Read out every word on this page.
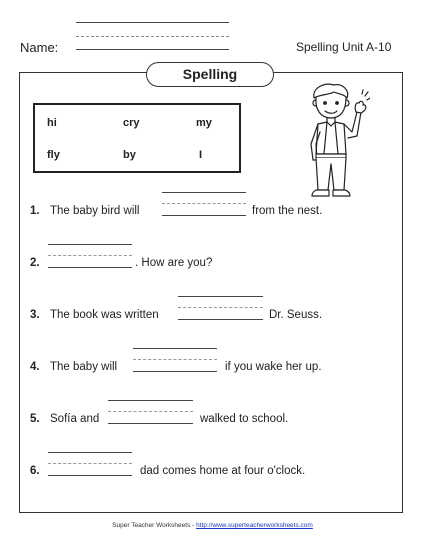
Name:	Spelling Unit A-10
Spelling
hi	cry	my
fly	by	I
1. The baby bird will	from the nest.
2.	. How are you?
3. The book was written	Dr. Seuss.
4. The baby will	if you wake her up.
5. Sofía and	walked to school.
6.	dad comes home at four o'clock.
Super Teacher Worksheets - http://www.superteacherworksheets.com
